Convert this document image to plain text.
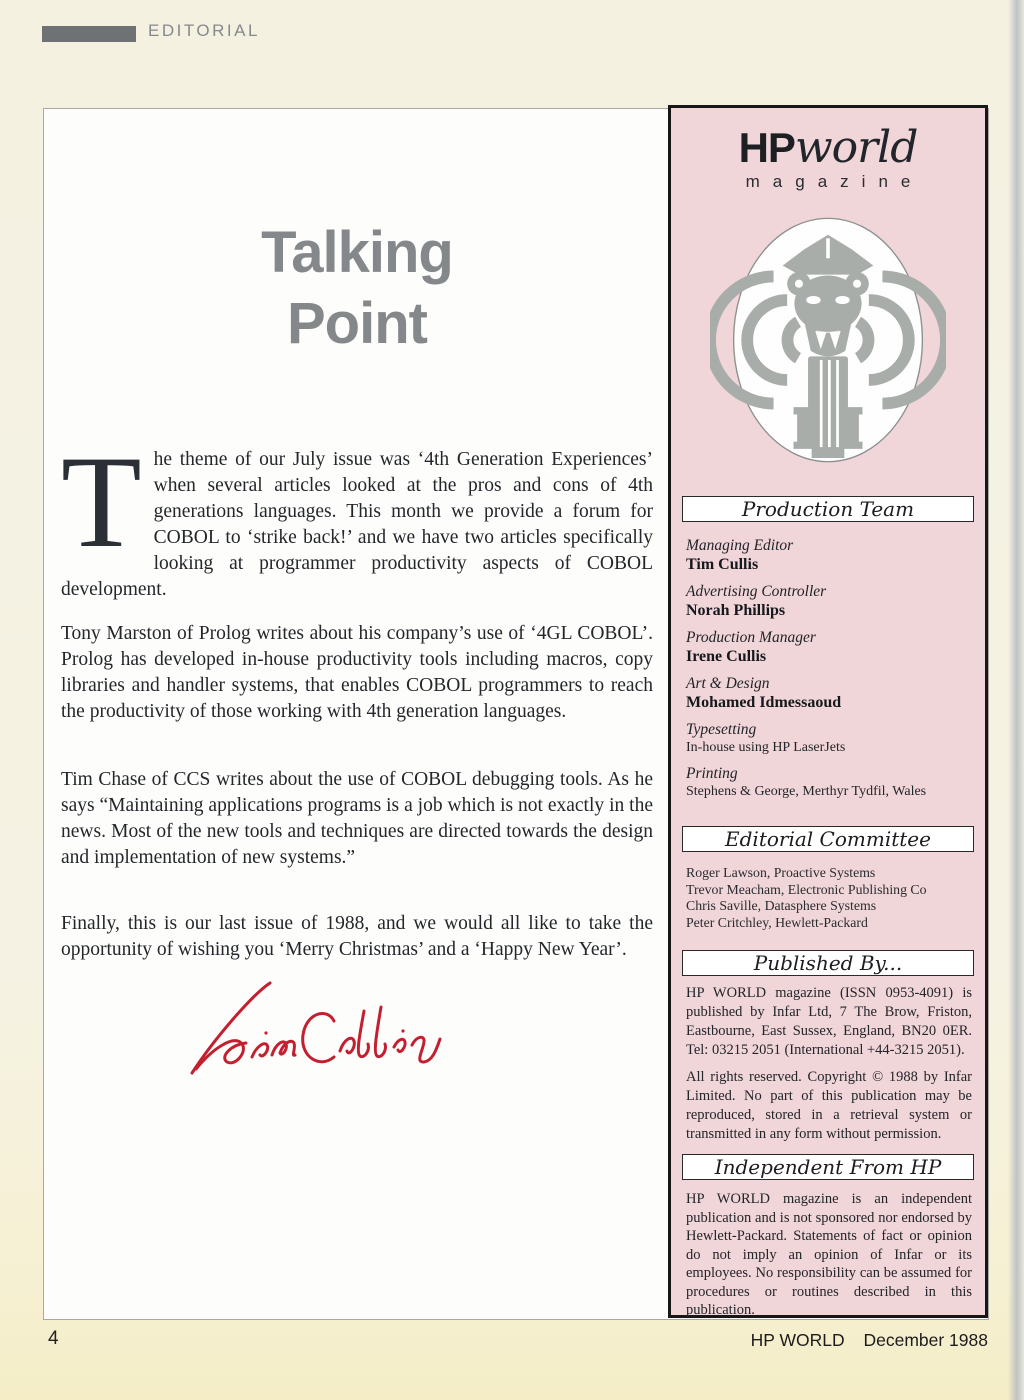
EDITORIAL
Talking
Point
The theme of our July issue was ‘4th Generation Experiences’ when several articles looked at the pros and cons of 4th generations languages. This month we provide a forum for COBOL to ‘strike back!’ and we have two articles specifically looking at programmer productivity aspects of COBOL development.
Tony Marston of Prolog writes about his company’s use of ‘4GL COBOL’. Prolog has developed in-house productivity tools including macros, copy libraries and handler systems, that enables COBOL programmers to reach the productivity of those working with 4th generation languages.
Tim Chase of CCS writes about the use of COBOL debugging tools. As he says “Maintaining applications programs is a job which is not exactly in the news. Most of the new tools and techniques are directed towards the design and implementation of new systems.”
Finally, this is our last issue of 1988, and we would all like to take the opportunity of wishing you ‘Merry Christmas’ and a ‘Happy New Year’.
HPworld
magazine
Production Team
Managing Editor
Tim Cullis
Advertising Controller
Norah Phillips
Production Manager
Irene Cullis
Art & Design
Mohamed Idmessaoud
Typesetting
In-house using HP LaserJets
Printing
Stephens & George, Merthyr Tydfil, Wales
Editorial Committee
Roger Lawson, Proactive Systems
Trevor Meacham, Electronic Publishing Co
Chris Saville, Datasphere Systems
Peter Critchley, Hewlett-Packard
Published By...
HP WORLD magazine (ISSN 0953-4091) is published by Infar Ltd, 7 The Brow, Friston, Eastbourne, East Sussex, England, BN20 0ER. Tel: 03215 2051 (International +44-3215 2051).
All rights reserved. Copyright © 1988 by Infar Limited. No part of this publication may be reproduced, stored in a retrieval system or transmitted in any form without permission.
Independent From HP
HP WORLD magazine is an independent publication and is not sponsored nor endorsed by Hewlett-Packard. Statements of fact or opinion do not imply an opinion of Infar or its employees. No responsibility can be assumed for procedures or routines described in this publication.
4	HP WORLD December 1988
